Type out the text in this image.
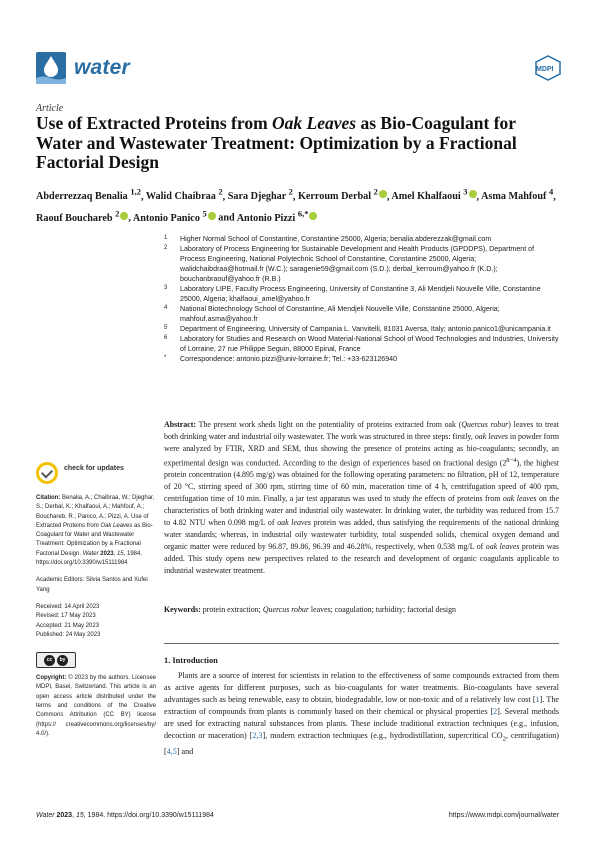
water	MDPI
Article
Use of Extracted Proteins from Oak Leaves as Bio-Coagulant for Water and Wastewater Treatment: Optimization by a Fractional Factorial Design
Abderrezzaq Benalia $^{1,2}$, Walid Chaibraa $^2$, Sara Djeghar $^2$, Kerroum Derbal $^2$ , Amel Khalfaoui $^3$ , Asma Mahfouf $^4$, Raouf Bouchareb $^2$ , Antonio Panico $^5$ and Antonio Pizzi $^{6,*}$
1 Higher Normal School of Constantine, Constantine 25000, Algeria; benalia.abderezzak@gmail.com
2 Laboratory of Process Engineering for Sustainable Development and Health Products (GPDDPS), Department of Process Engineering, National Polytechnic School of Constantine, Constantine 25000, Algeria; walidchaibdraa@hotmail.fr (W.C.); saragenie59@gmail.com (S.D.); derbal_kerroum@yahoo.fr (K.D.); bouchanbraouf@yahoo.fr (R.B.)
3 Laboratory LIPE, Faculty Process Engineering, University of Constantine 3, Ali Mendjeli Nouvelle Ville, Constantine 25000, Algeria; khalfaoui_amel@yahoo.fr
4 National Biotechnology School of Constantine, Ali Mendjeli Nouvelle Ville, Constantine 25000, Algeria; mahfouf.asma@yahoo.fr
5 Department of Engineering, University of Campania L. Vanvitelli, 81031 Aversa, Italy; antonio.panico1@unicampania.it
6 Laboratory for Studies and Research on Wood Material-National School of Wood Technologies and Industries, University of Lorraine, 27 rue Philippe Seguin, 88000 Epinal, France
* Correspondence: antonio.pizzi@univ-lorraine.fr; Tel.: +33-623126940
check for updates
Citation: Benalia, A.; Chaibraa, W.; Djeghar, S.; Derbal, K.; Khalfaoui, A.; Mahfouf, A.; Bouchareb, R.; Panico, A.; Pizzi, A. Use of Extracted Proteins from Oak Leaves as Bio-Coagulant for Water and Wastewater Treatment: Optimization by a Fractional Factorial Design. Water 2023, 15, 1984. https://doi.org/10.3390/w15111984
Academic Editors: Silvia Santos and Xufei Yang
Received: 14 April 2023
Revised: 17 May 2023
Accepted: 21 May 2023
Published: 24 May 2023
cc	by
Copyright: © 2023 by the authors. Licensee MDPI, Basel, Switzerland. This article is an open access article distributed under the terms and conditions of the Creative Commons Attribution (CC BY) license (https:// creativecommons.org/licenses/by/ 4.0/).
Abstract: The present work sheds light on the potentiality of proteins extracted from oak (Quercus robur) leaves to treat both drinking water and industrial oily wastewater. The work was structured in three steps: firstly, oak leaves in powder form were analyzed by FTIR, XRD and SEM, thus showing the presence of proteins acting as bio-coagulants; secondly, an experimental design was conducted. According to the design of experiences based on fractional design $(2^{8-4})$, the highest protein concentration (4.895 mg/g) was obtained for the following operating parameters: no filtration, pH of 12, temperature of 20 °C, stirring speed of 300 rpm, stirring time of 60 min, maceration time of 4 h, centrifugation speed of 400 rpm, centrifugation time of 10 min. Finally, a jar test apparatus was used to study the effects of proteins from oak leaves on the characteristics of both drinking water and industrial oily wastewater. In drinking water, the turbidity was reduced from 15.7 to 4.82 NTU when 0.098 mg/L of oak leaves protein was added, thus satisfying the requirements of the national drinking water standards; whereas, in industrial oily wastewater turbidity, total suspended solids, chemical oxygen demand and organic matter were reduced by 96.87, 89.86, 96.39 and 46.28%, respectively, when 0.538 mg/L of oak leaves protein was added. This study opens new perspectives related to the research and development of organic coagulants applicable to industrial wastewater treatment.
Keywords: protein extraction; Quercus robur leaves; coagulation; turbidity; factorial design
1. Introduction
Plants are a source of interest for scientists in relation to the effectiveness of some compounds extracted from them as active agents for different purposes, such as bio-coagulants for water treatments. Bio-coagulants have several advantages such as being renewable, easy to obtain, biodegradable, low or non-toxic and of a relatively low cost [1]. The extraction of compounds from plants is commonly based on their chemical or physical properties [2]. Several methods are used for extracting natural substances from plants. These include traditional extraction techniques (e.g., infusion, decoction or maceration) [2,3], modern extraction techniques (e.g., hydrodistillation, supercritical $CO_2$, centrifugation) [4,5] and
Water 2023, 15, 1984. https://doi.org/10.3390/w15111984	https://www.mdpi.com/journal/water
